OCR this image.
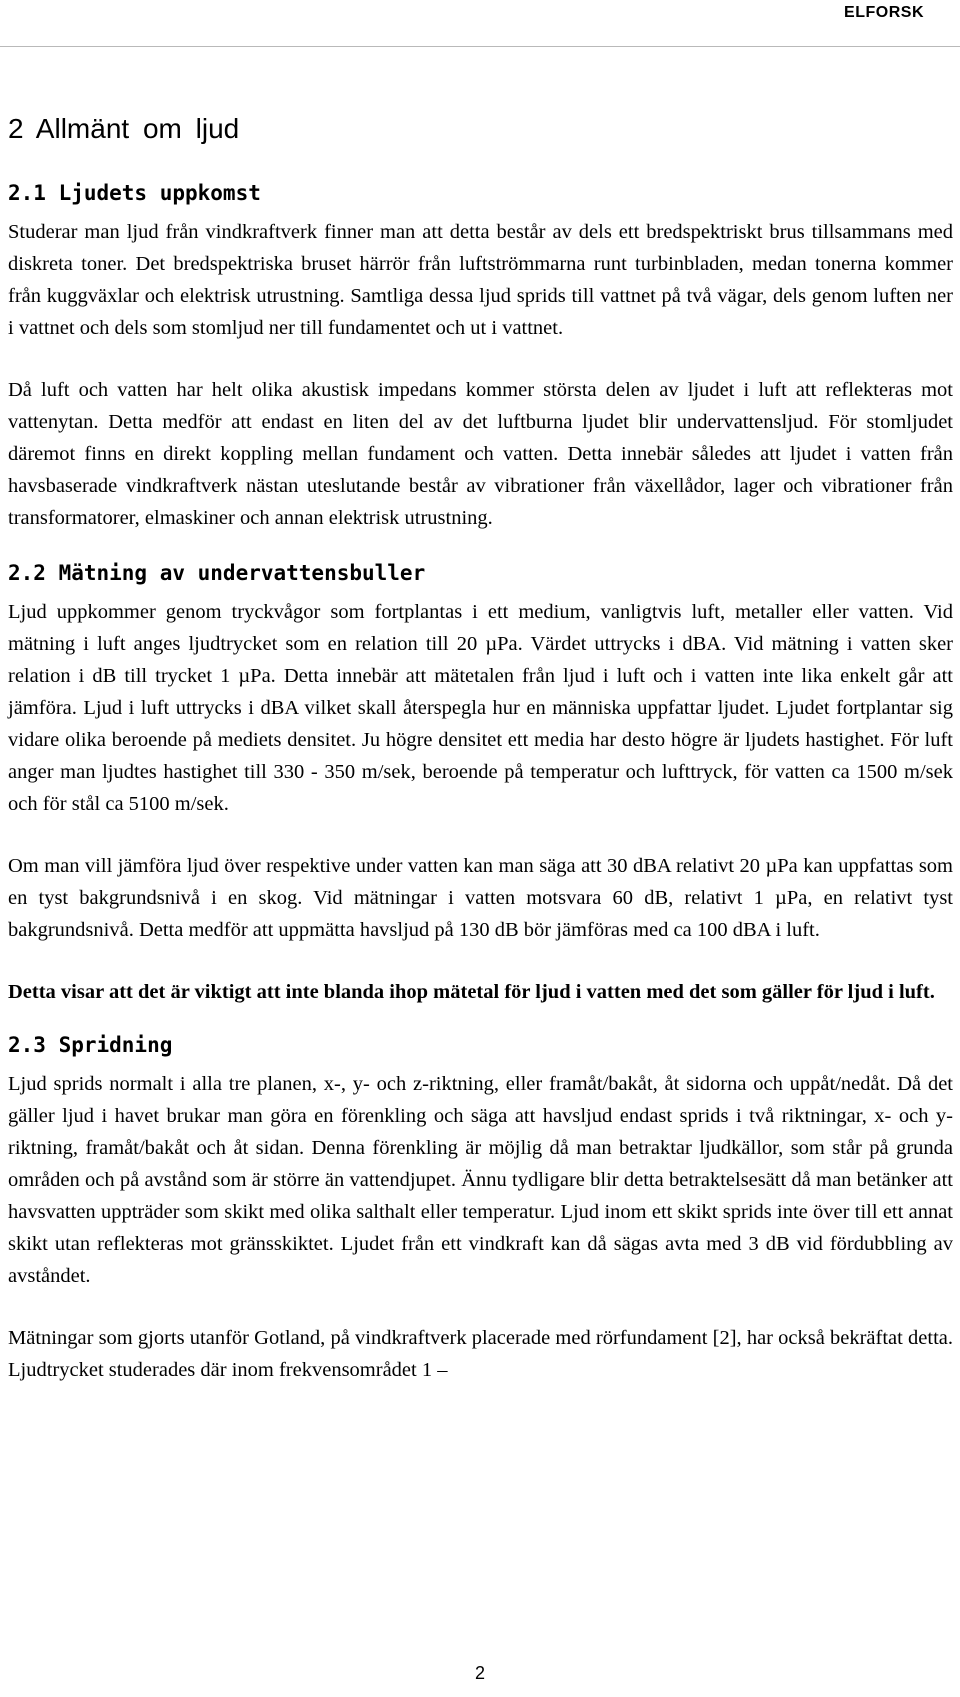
ELFORSK
2 Allmänt om ljud
2.1 Ljudets uppkomst

Studerar man ljud från vindkraftverk finner man att detta består av dels ett bredspektriskt brus tillsammans med diskreta toner. Det bredspektriska bruset härrör från luftströmmarna runt turbinbladen, medan tonerna kommer från kuggväxlar och elektrisk utrustning. Samtliga dessa ljud sprids till vattnet på två vägar, dels genom luften ner i vattnet och dels som stomljud ner till fundamentet och ut i vattnet.

Då luft och vatten har helt olika akustisk impedans kommer största delen av ljudet i luft att reflekteras mot vattenytan. Detta medför att endast en liten del av det luftburna ljudet blir undervattensljud. För stomljudet däremot finns en direkt koppling mellan fundament och vatten. Detta innebär således att ljudet i vatten från havsbaserade vindkraftverk nästan uteslutande består av vibrationer från växellådor, lager och vibrationer från transformatorer, elmaskiner och annan elektrisk utrustning.

2.2 Mätning av undervattensbuller

Ljud uppkommer genom tryckvågor som fortplantas i ett medium, vanligtvis luft, metaller eller vatten. Vid mätning i luft anges ljudtrycket som en relation till 20 µPa. Värdet uttrycks i dBA. Vid mätning i vatten sker relation i dB till trycket 1 µPa. Detta innebär att mätetalen från ljud i luft och i vatten inte lika enkelt går att jämföra. Ljud i luft uttrycks i dBA vilket skall återspegla hur en människa uppfattar ljudet. Ljudet fortplantar sig vidare olika beroende på mediets densitet. Ju högre densitet ett media har desto högre är ljudets hastighet. För luft anger man ljudtes hastighet till 330 - 350 m/sek, beroende på temperatur och lufttryck, för vatten ca 1500 m/sek och för stål ca 5100 m/sek.

Om man vill jämföra ljud över respektive under vatten kan man säga att 30 dBA relativt 20 µPa kan uppfattas som en tyst bakgrundsnivå i en skog. Vid mätningar i vatten motsvara 60 dB, relativt 1 µPa, en relativt tyst bakgrundsnivå. Detta medför att uppmätta havsljud på 130 dB bör jämföras med ca 100 dBA i luft.

Detta visar att det är viktigt att inte blanda ihop mätetal för ljud i vatten med det som gäller för ljud i luft.

2.3 Spridning

Ljud sprids normalt i alla tre planen, x-, y- och z-riktning, eller framåt/bakåt, åt sidorna och uppåt/nedåt. Då det gäller ljud i havet brukar man göra en förenkling och säga att havsljud endast sprids i två riktningar, x- och y-riktning, framåt/bakåt och åt sidan. Denna förenkling är möjlig då man betraktar ljudkällor, som står på grunda områden och på avstånd som är större än vattendjupet. Ännu tydligare blir detta betraktelsesätt då man betänker att havsvatten uppträder som skikt med olika salthalt eller temperatur. Ljud inom ett skikt sprids inte över till ett annat skikt utan reflekteras mot gränsskiktet. Ljudet från ett vindkraft kan då sägas avta med 3 dB vid fördubbling av avståndet.

Mätningar som gjorts utanför Gotland, på vindkraftverk placerade med rörfundament [2], har också bekräftat detta. Ljudtrycket studerades där inom frekvensområdet 1 –

2
